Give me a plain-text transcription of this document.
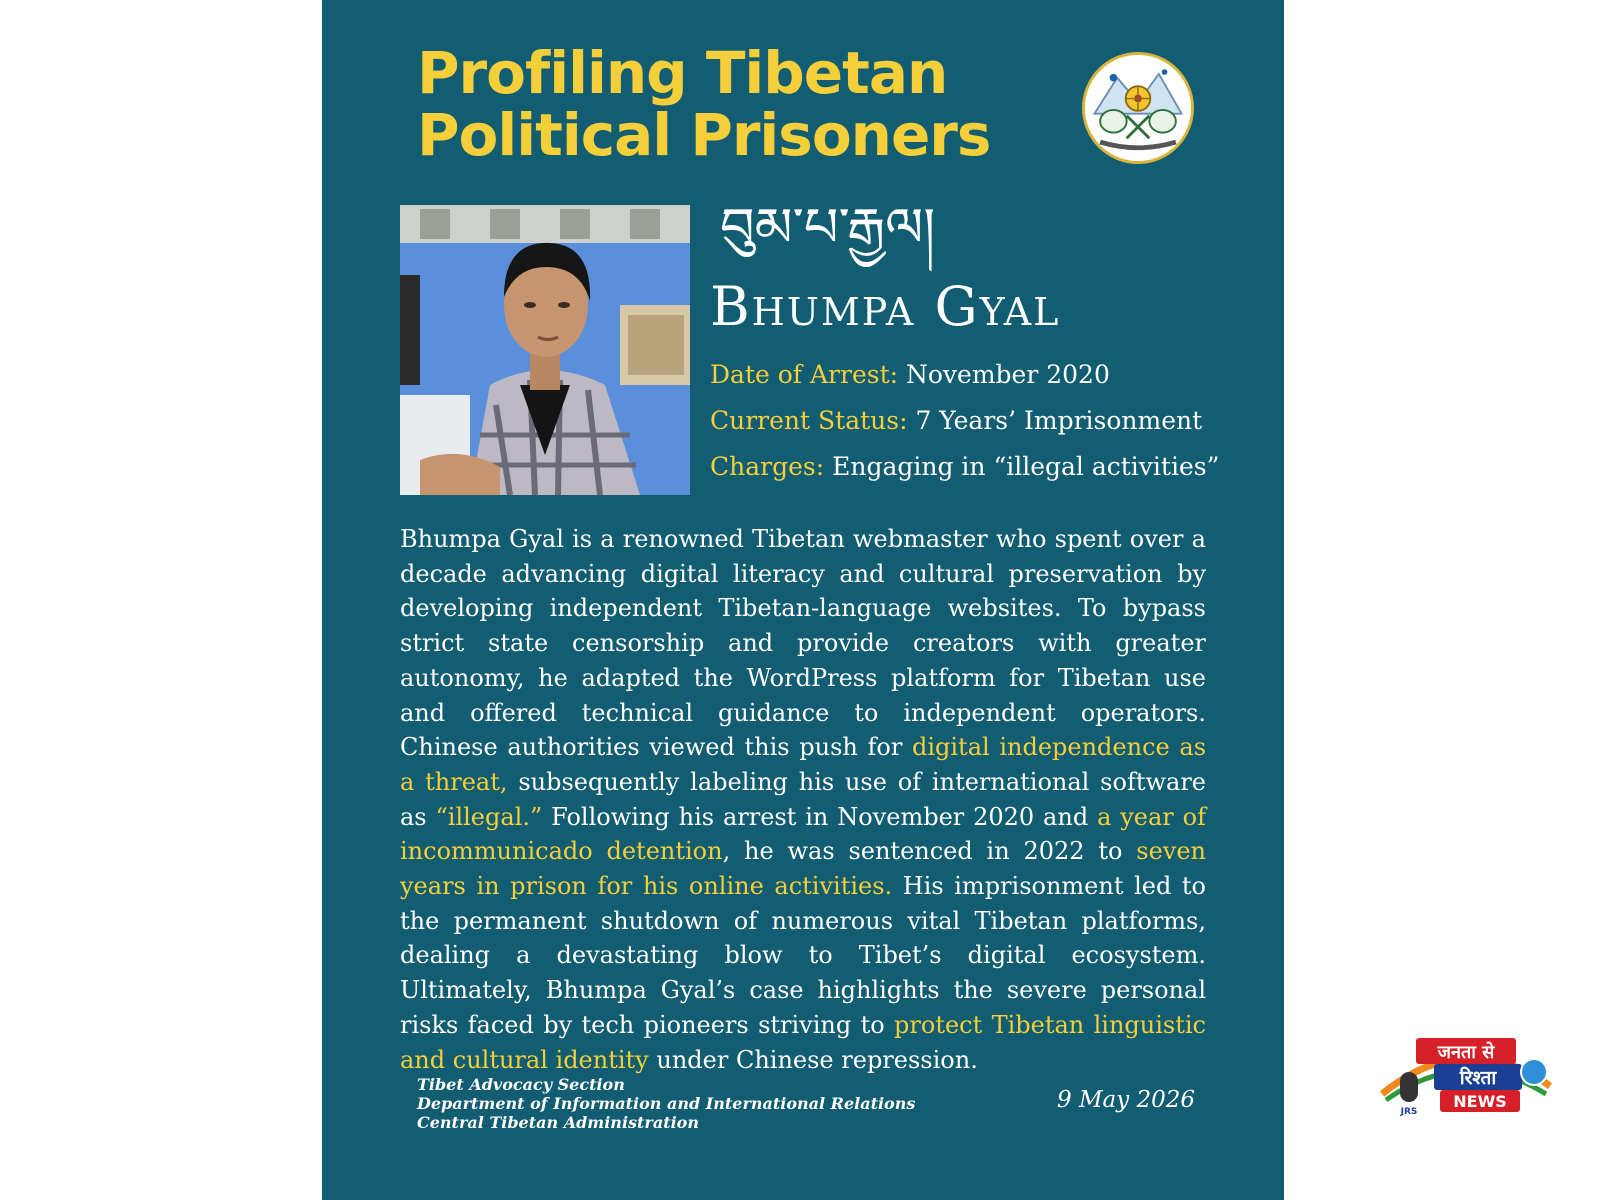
Profiling Tibetan
Political Prisoners
བུམ་པ་རྒྱལ།
Bhumpa Gyal
Date of Arrest: November 2020
Current Status: 7 Years’ Imprisonment
Charges: Engaging in “illegal activities”

Bhumpa Gyal is a renowned Tibetan webmaster who spent over a decade advancing digital literacy and cultural preservation by developing independent Tibetan-language websites. To bypass strict state censorship and provide creators with greater autonomy, he adapted the WordPress platform for Tibetan use and offered technical guidance to independent operators. Chinese authorities viewed this push for digital independence as a threat, subsequently labeling his use of international software as “illegal.” Following his arrest in November 2020 and a year of incommunicado detention, he was sentenced in 2022 to seven years in prison for his online activities. His imprisonment led to the permanent shutdown of numerous vital Tibetan platforms, dealing a devastating blow to Tibet’s digital ecosystem. Ultimately, Bhumpa Gyal’s case highlights the severe personal risks faced by tech pioneers striving to protect Tibetan linguistic and cultural identity under Chinese repression.

Tibet Advocacy Section
Department of Information and International Relations
Central Tibetan Administration
9 May 2026
जनता से
रिश्ता
NEWS
JRS
